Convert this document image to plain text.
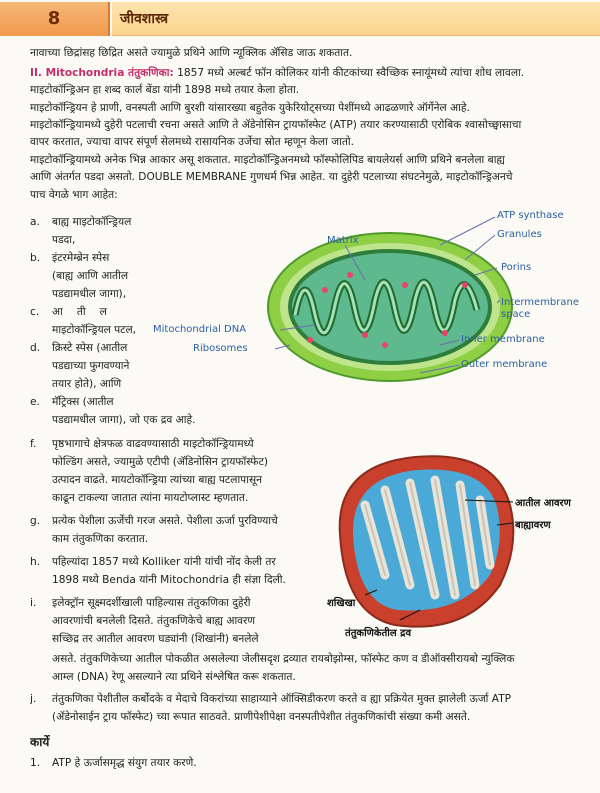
8	जीवशास्त्र
नावाच्या छिद्रांसह छिद्रित असते ज्यामुळे प्रथिने आणि न्यूक्लिक ॲसिड जाऊ शकतात.
II. Mitochondria तंतुकणिका: 1857 मध्ये अल्बर्ट फॉन कोलिकर यांनी कीटकांच्या स्वैच्छिक स्नायूंमध्ये त्यांचा शोध लावला.
माइटोकॉन्ड्रिअन हा शब्द कार्ल बेंडा यांनी 1898 मध्ये तयार केला होता.
माइटोकॉन्ड्रियन हे प्राणी, वनस्पती आणि बुरशी यांसारख्या बहुतेक युकेरियोट्सच्या पेशींमध्ये आढळणारे ऑर्गेनेल आहे.
माइटोकॉन्ड्रियामध्ये दुहेरी पटलाची रचना असते आणि ते ॲडेनोसिन ट्रायफॉस्फेट (ATP) तयार करण्यासाठी एरोबिक श्वासोच्छ्वासाचा
वापर करतात, ज्याचा वापर संपूर्ण सेलमध्ये रासायनिक उर्जेचा स्रोत म्हणून केला जातो.
माइटोकॉन्ड्रियामध्ये अनेक भिन्न आकार असू शकतात. माइटोकॉन्ड्रिअनमध्ये फॉस्फोलिपिड बायलेयर्स आणि प्रथिने बनलेला बाह्य
आणि अंतर्गत पडदा असतो. DOUBLE MEMBRANE गुणधर्म भिन्न आहेत. या दुहेरी पटलाच्या संघटनेमुळे, माइटोकॉन्ड्रिअनचे
पाच वेगळे भाग आहेत:
a. बाह्य माइटोकॉन्ड्रियल
पडदा,
b. इंटरमेम्ब्रेन स्पेस
(बाह्य आणि आतील
पडद्यामधील जागा),
c. आतील
माइटोकॉन्ड्रियल पटल,
d. क्रिस्टे स्पेस (आतील
पडद्याच्या फुगवण्याने
तयार होते), आणि
e. मॅट्रिक्स (आतील
पडद्यामधील जागा), जो एक द्रव आहे.
f. पृष्ठभागाचे क्षेत्रफळ वाढवण्यासाठी माइटोकॉन्ड्रियामध्ये
फोल्डिंग असते, ज्यामुळे एटीपी (ॲडिनोसिन ट्रायफॉस्फेट)
उत्पादन वाढते. मायटोकॉन्ड्रिया त्यांच्या बाह्य पटलापासून
काढून टाकल्या जातात त्यांना मायटोप्लास्ट म्हणतात.
g. प्रत्येक पेशीला ऊर्जेची गरज असते. पेशीला ऊर्जा पुरविण्याचे
काम तंतुकणिका करतात.
h. पहिल्यांदा 1857 मध्ये Kolliker यांनी यांची नोंद केली तर
1898 मध्ये Benda यांनी Mitochondria ही संज्ञा दिली.
i. इलेक्ट्रॉन सूक्ष्मदर्शीखाली पाहिल्यास तंतुकणिका दुहेरी
आवरणांची बनलेली दिसते. तंतुकणिकेचे बाह्य आवरण
सच्छिद्र तर आतील आवरण घड्यांनी (शिखांनी) बनलेले
असते. तंतुकणिकेच्या आतील पोकळीत असलेल्या जेलीसदृश द्रव्यात रायबोझोम्स, फॉस्फेट कण व डीऑक्सीरायबो न्युक्लिक
आम्ल (DNA) रेणू असल्याने त्या प्रथिने संश्लेषित करू शकतात.
j. तंतुकणिका पेशीतील कर्बोदके व मेदाचे विकरांच्या साहाय्याने ऑक्सिडीकरण करते व ह्या प्रक्रियेत मुक्त झालेली ऊर्जा ATP
(ॲडेनोसाईन ट्राय फॉस्फेट) च्या रूपात साठवते. प्राणीपेशीपेक्षा वनस्पतीपेशीत तंतुकणिकांची संख्या कमी असते.
कार्ये
1. ATP हे ऊर्जासमृद्ध संयुग तयार करणे.
Matrix
ATP synthase
Granules
Porins
Intermembrane
space
Mitochondrial DNA
Ribosomes
Inner membrane
Outer membrane
आतील आवरण
बाह्यावरण
शखिखा
तंतुकणिकेतील द्रव
